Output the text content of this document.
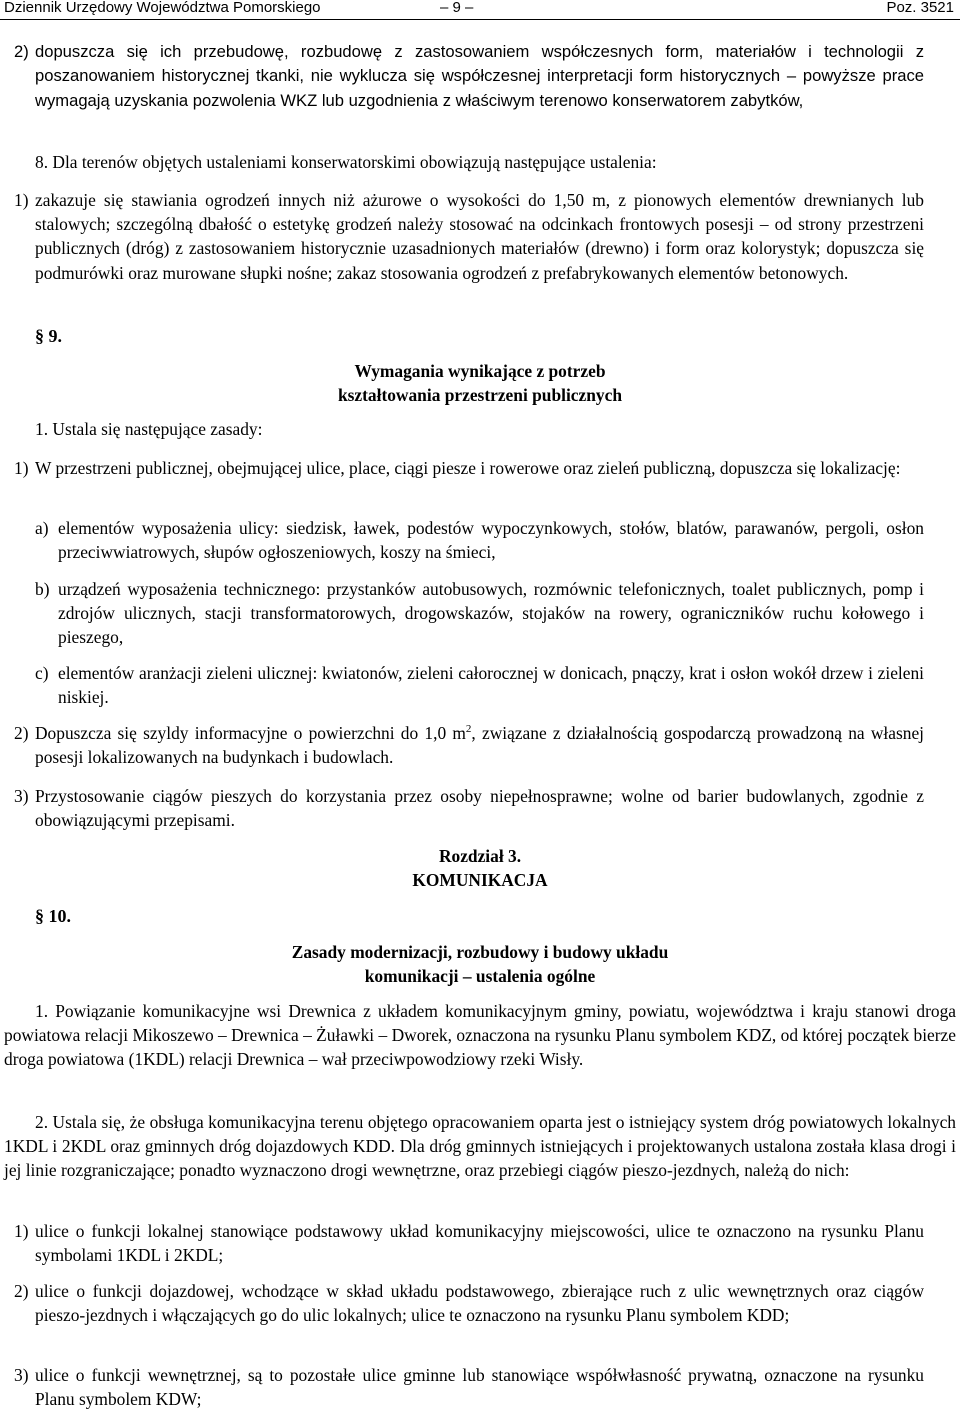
Dziennik Urzędowy Województwa Pomorskiego	– 9 –	Poz. 3521
2) dopuszcza się ich przebudowę, rozbudowę z zastosowaniem współczesnych form, materiałów i technologii z poszanowaniem historycznej tkanki, nie wyklucza się współczesnej interpretacji form historycznych – powyższe prace wymagają uzyskania pozwolenia WKZ lub uzgodnienia z właściwym terenowo konserwatorem zabytków,
8. Dla terenów objętych ustaleniami konserwatorskimi obowiązują następujące ustalenia:
1) zakazuje się stawiania ogrodzeń innych niż ażurowe o wysokości do 1,50 m, z pionowych elementów drewnianych lub stalowych; szczególną dbałość o estetykę grodzeń należy stosować na odcinkach frontowych posesji – od strony przestrzeni publicznych (dróg) z zastosowaniem historycznie uzasadnionych materiałów (drewno) i form oraz kolorystyk; dopuszcza się podmurówki oraz murowane słupki nośne; zakaz stosowania ogrodzeń z prefabrykowanych elementów betonowych.
§ 9.
Wymagania wynikające z potrzeb
kształtowania przestrzeni publicznych
1. Ustala się następujące zasady:
1) W przestrzeni publicznej, obejmującej ulice, place, ciągi piesze i rowerowe oraz zieleń publiczną, dopuszcza się lokalizację:
a) elementów wyposażenia ulicy: siedzisk, ławek, podestów wypoczynkowych, stołów, blatów, parawanów, pergoli, osłon przeciwwiatrowych, słupów ogłoszeniowych, koszy na śmieci,
b) urządzeń wyposażenia technicznego: przystanków autobusowych, rozmównic telefonicznych, toalet publicznych, pomp i zdrojów ulicznych, stacji transformatorowych, drogowskazów, stojaków na rowery, ograniczników ruchu kołowego i pieszego,
c) elementów aranżacji zieleni ulicznej: kwiatonów, zieleni całorocznej w donicach, pnączy, krat i osłon wokół drzew i zieleni niskiej.
2) Dopuszcza się szyldy informacyjne o powierzchni do 1,0 $m^2$, związane z działalnością gospodarczą prowadzoną na własnej posesji lokalizowanych na budynkach i budowlach.
3) Przystosowanie ciągów pieszych do korzystania przez osoby niepełnosprawne; wolne od barier budowlanych, zgodnie z obowiązującymi przepisami.
Rozdział 3.
KOMUNIKACJA
§ 10.
Zasady modernizacji, rozbudowy i budowy układu
komunikacji – ustalenia ogólne

1. Powiązanie komunikacyjne wsi Drewnica z układem komunikacyjnym gminy, powiatu, województwa i kraju stanowi droga powiatowa relacji Mikoszewo – Drewnica – Żuławki – Dworek, oznaczona na rysunku Planu symbolem KDZ, od której początek bierze droga powiatowa (1KDL) relacji Drewnica – wał przeciwpowodziowy rzeki Wisły.

2. Ustala się, że obsługa komunikacyjna terenu objętego opracowaniem oparta jest o istniejący system dróg powiatowych lokalnych 1KDL i 2KDL oraz gminnych dróg dojazdowych KDD. Dla dróg gminnych istniejących i projektowanych ustalona została klasa drogi i jej linie rozgraniczające; ponadto wyznaczono drogi wewnętrzne, oraz przebiegi ciągów pieszo-jezdnych, należą do nich:

1) ulice o funkcji lokalnej stanowiące podstawowy układ komunikacyjny miejscowości, ulice te oznaczono na rysunku Planu symbolami 1KDL i 2KDL;
2) ulice o funkcji dojazdowej, wchodzące w skład układu podstawowego, zbierające ruch z ulic wewnętrznych oraz ciągów pieszo-jezdnych i włączających go do ulic lokalnych; ulice te oznaczono na rysunku Planu symbolem KDD;
3) ulice o funkcji wewnętrznej, są to pozostałe ulice gminne lub stanowiące współwłasność prywatną, oznaczone na rysunku Planu symbolem KDW;
